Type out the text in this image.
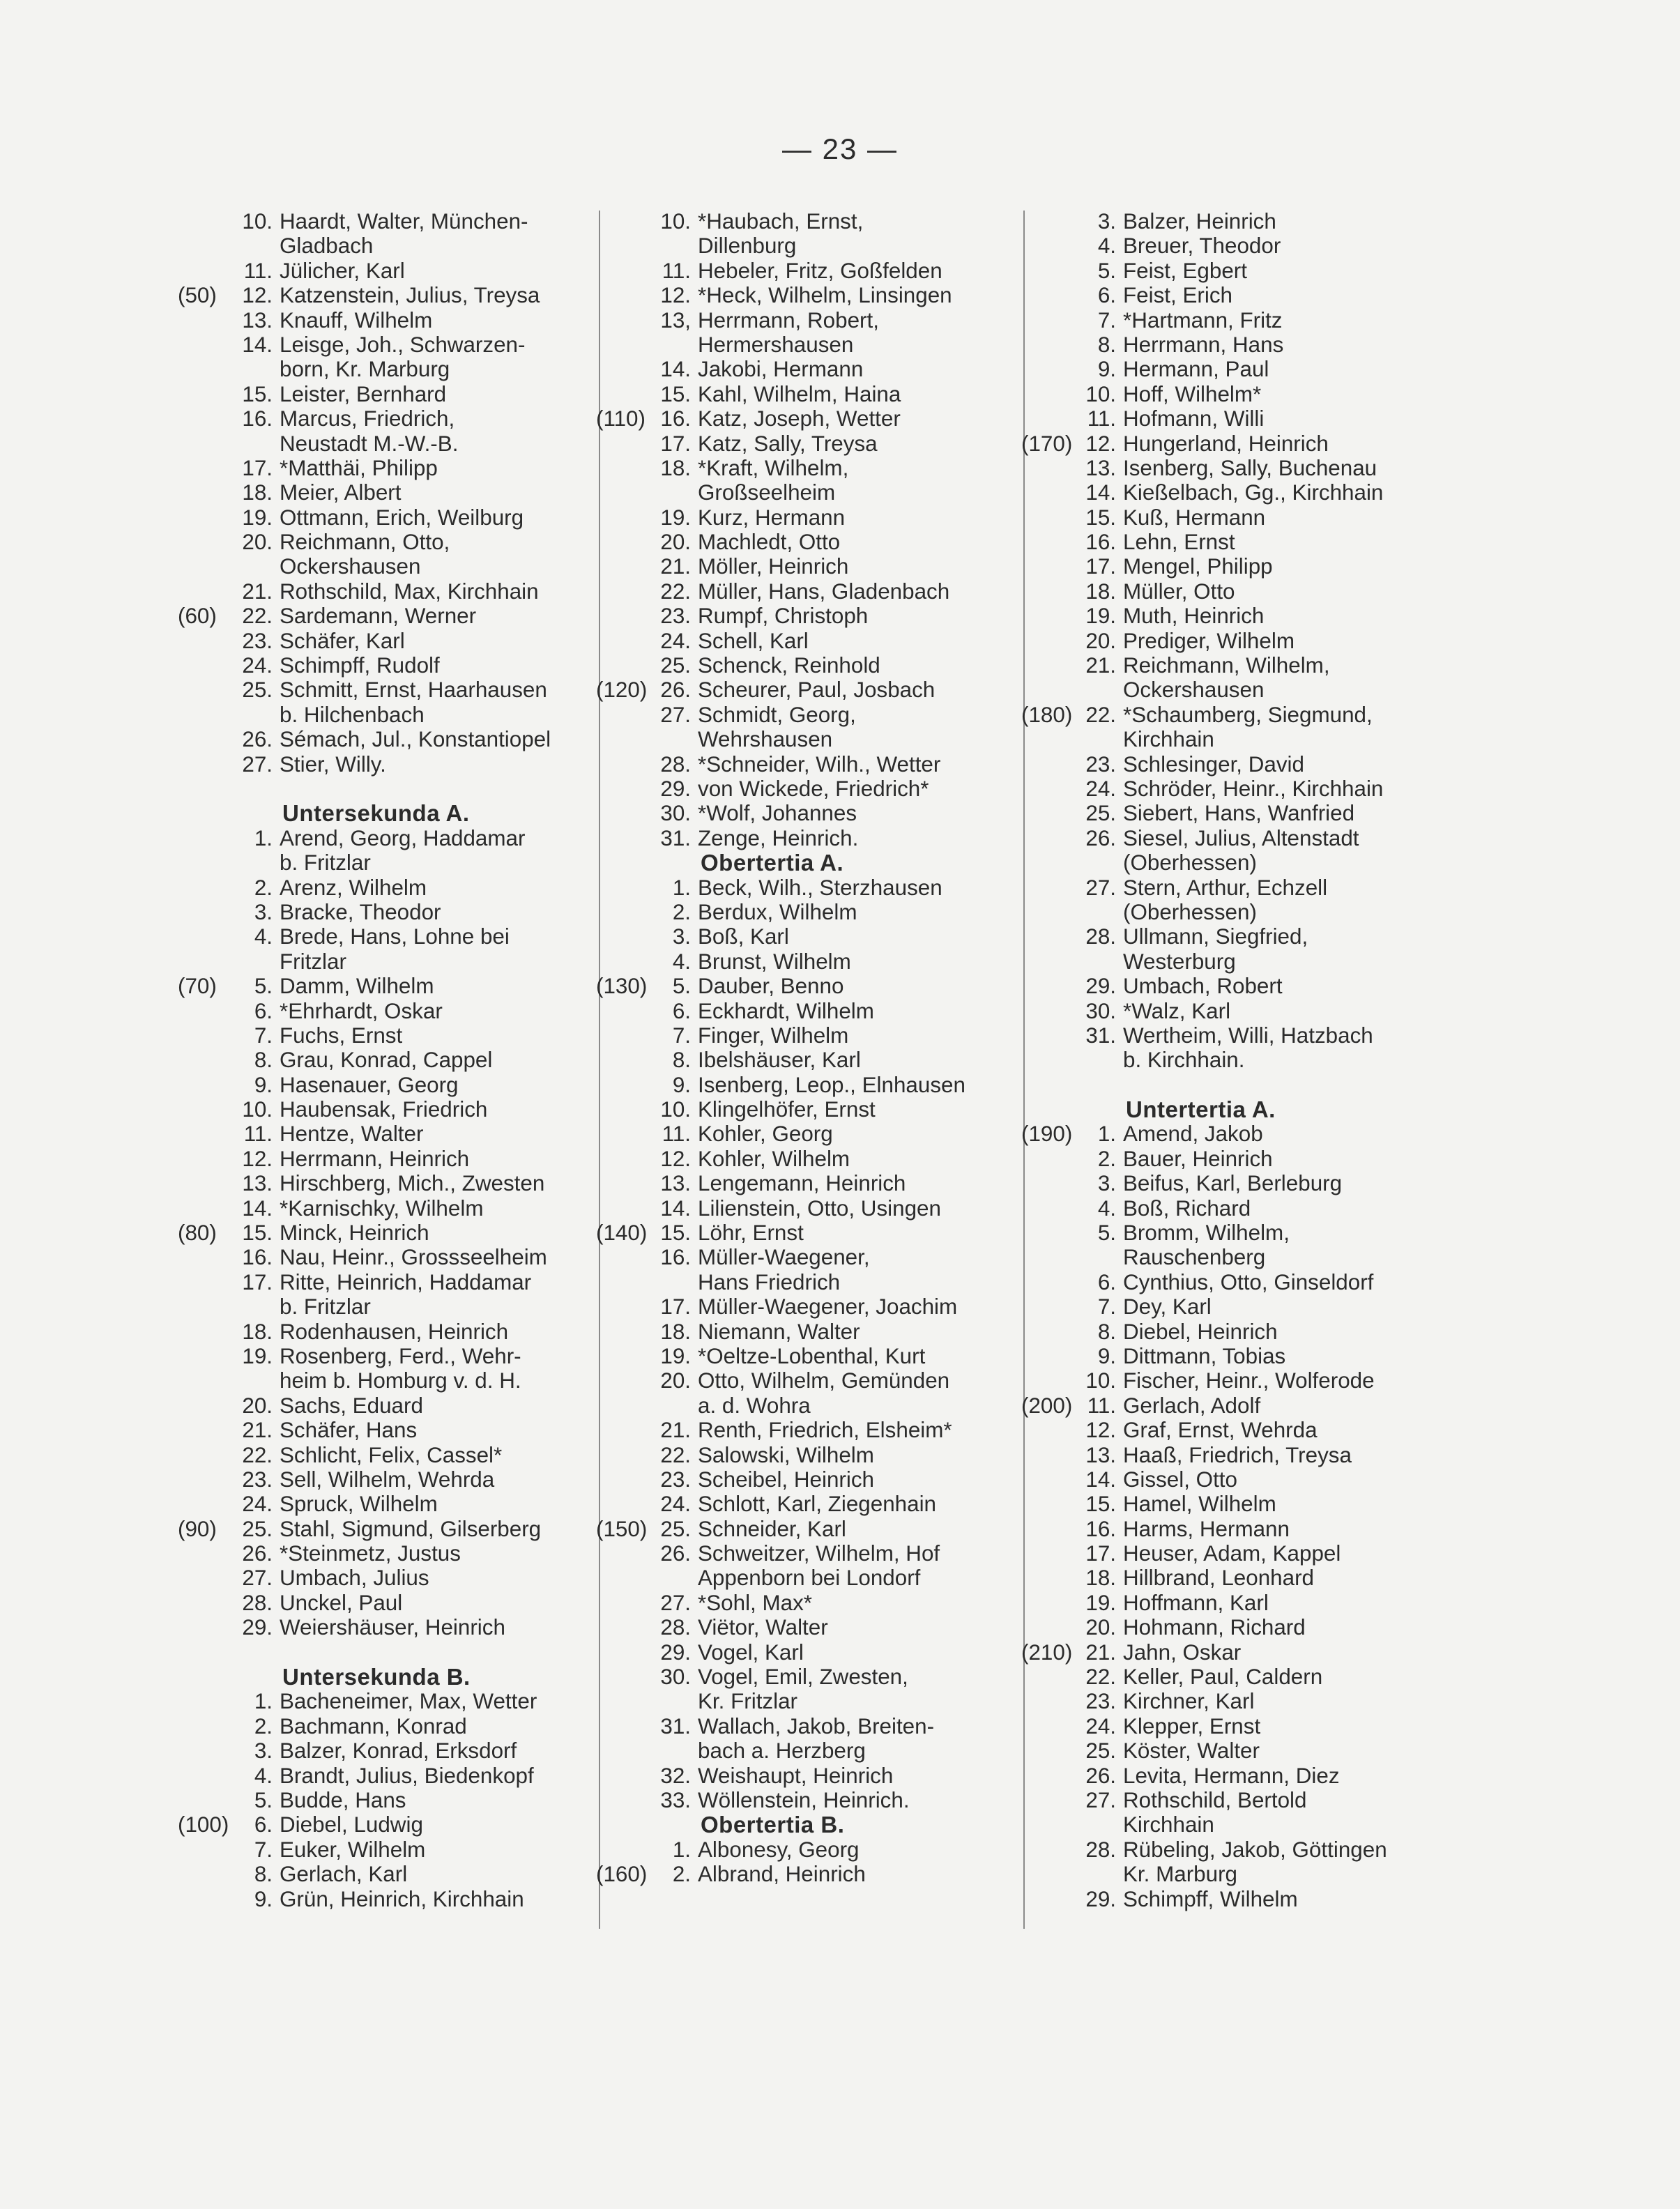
— 23 —
10. Haardt, Walter, München-
Gladbach
11. Jülicher, Karl
(50)	12. Katzenstein, Julius, Treysa
13. Knauff, Wilhelm
14. Leisge, Joh., Schwarzen-
born, Kr. Marburg
15. Leister, Bernhard
16. Marcus, Friedrich,
Neustadt M.-W.-B.
17. *Matthäi, Philipp
18. Meier, Albert
19. Ottmann, Erich, Weilburg
20. Reichmann, Otto,
Ockershausen
21. Rothschild, Max, Kirchhain
(60)	22. Sardemann, Werner
23. Schäfer, Karl
24. Schimpff, Rudolf
25. Schmitt, Ernst, Haarhausen
b. Hilchenbach
26. Sémach, Jul., Konstantiopel
27. Stier, Willy.
Untersekunda A.
1. Arend, Georg, Haddamar
b. Fritzlar
2. Arenz, Wilhelm
3. Bracke, Theodor
4. Brede, Hans, Lohne bei
Fritzlar
(70)	5. Damm, Wilhelm
6. *Ehrhardt, Oskar
7. Fuchs, Ernst
8. Grau, Konrad, Cappel
9. Hasenauer, Georg
10. Haubensak, Friedrich
11. Hentze, Walter
12. Herrmann, Heinrich
13. Hirschberg, Mich., Zwesten
14. *Karnischky, Wilhelm
(80)	15. Minck, Heinrich
16. Nau, Heinr., Grossseelheim
17. Ritte, Heinrich, Haddamar
b. Fritzlar
18. Rodenhausen, Heinrich
19. Rosenberg, Ferd., Wehr-
heim b. Homburg v. d. H.
20. Sachs, Eduard
21. Schäfer, Hans
22. Schlicht, Felix, Cassel*
23. Sell, Wilhelm, Wehrda
24. Spruck, Wilhelm
(90)	25. Stahl, Sigmund, Gilserberg
26. *Steinmetz, Justus
27. Umbach, Julius
28. Unckel, Paul
29. Weiershäuser, Heinrich
Untersekunda B.
1. Bacheneimer, Max, Wetter
2. Bachmann, Konrad
3. Balzer, Konrad, Erksdorf
4. Brandt, Julius, Biedenkopf
5. Budde, Hans
(100)	6. Diebel, Ludwig
7. Euker, Wilhelm
8. Gerlach, Karl
9. Grün, Heinrich, Kirchhain
10. *Haubach, Ernst,
Dillenburg
11. Hebeler, Fritz, Goßfelden
12. *Heck, Wilhelm, Linsingen
13, Herrmann, Robert,
Hermershausen
14. Jakobi, Hermann
15. Kahl, Wilhelm, Haina
(110) 16. Katz, Joseph, Wetter
17. Katz, Sally, Treysa
18. *Kraft, Wilhelm,
Großseelheim
19. Kurz, Hermann
20. Machledt, Otto
21. Möller, Heinrich
22. Müller, Hans, Gladenbach
23. Rumpf, Christoph
24. Schell, Karl
25. Schenck, Reinhold
(120) 26. Scheurer, Paul, Josbach
27. Schmidt, Georg,
Wehrshausen
28. *Schneider, Wilh., Wetter
29. von Wickede, Friedrich*
30. *Wolf, Johannes
31. Zenge, Heinrich.
Obertertia A.
1. Beck, Wilh., Sterzhausen
2. Berdux, Wilhelm
3. Boß, Karl
4. Brunst, Wilhelm
(130)	5. Dauber, Benno
6. Eckhardt, Wilhelm
7. Finger, Wilhelm
8. Ibelshäuser, Karl
9. Isenberg, Leop., Elnhausen
10. Klingelhöfer, Ernst
11. Kohler, Georg
12. Kohler, Wilhelm
13. Lengemann, Heinrich
14. Lilienstein, Otto, Usingen
(140) 15. Löhr, Ernst
16. Müller-Waegener,
Hans Friedrich
17. Müller-Waegener, Joachim
18. Niemann, Walter
19. *Oeltze-Lobenthal, Kurt
20. Otto, Wilhelm, Gemünden
a. d. Wohra
21. Renth, Friedrich, Elsheim*
22. Salowski, Wilhelm
23. Scheibel, Heinrich
24. Schlott, Karl, Ziegenhain
(150) 25. Schneider, Karl
26. Schweitzer, Wilhelm, Hof
Appenborn bei Londorf
27. *Sohl, Max*
28. Viëtor, Walter
29. Vogel, Karl
30. Vogel, Emil, Zwesten,
Kr. Fritzlar
31. Wallach, Jakob, Breiten-
bach a. Herzberg
32. Weishaupt, Heinrich
33. Wöllenstein, Heinrich.
Obertertia B.
1. Albonesy, Georg
(160)	2. Albrand, Heinrich
3. Balzer, Heinrich
4. Breuer, Theodor
5. Feist, Egbert
6. Feist, Erich
7. *Hartmann, Fritz
8. Herrmann, Hans
9. Hermann, Paul
10. Hoff, Wilhelm*
11. Hofmann, Willi
(170) 12. Hungerland, Heinrich
13. Isenberg, Sally, Buchenau
14. Kießelbach, Gg., Kirchhain
15. Kuß, Hermann
16. Lehn, Ernst
17. Mengel, Philipp
18. Müller, Otto
19. Muth, Heinrich
20. Prediger, Wilhelm
21. Reichmann, Wilhelm,
Ockershausen
(180) 22. *Schaumberg, Siegmund,
Kirchhain
23. Schlesinger, David
24. Schröder, Heinr., Kirchhain
25. Siebert, Hans, Wanfried
26. Siesel, Julius, Altenstadt
(Oberhessen)
27. Stern, Arthur, Echzell
(Oberhessen)
28. Ullmann, Siegfried,
Westerburg
29. Umbach, Robert
30. *Walz, Karl
31. Wertheim, Willi, Hatzbach
b. Kirchhain.
Untertertia A.
(190)	1. Amend, Jakob
2. Bauer, Heinrich
3. Beifus, Karl, Berleburg
4. Boß, Richard
5. Bromm, Wilhelm,
Rauschenberg
6. Cynthius, Otto, Ginseldorf
7. Dey, Karl
8. Diebel, Heinrich
9. Dittmann, Tobias
10. Fischer, Heinr., Wolferode
(200) 11. Gerlach, Adolf
12. Graf, Ernst, Wehrda
13. Haaß, Friedrich, Treysa
14. Gissel, Otto
15. Hamel, Wilhelm
16. Harms, Hermann
17. Heuser, Adam, Kappel
18. Hillbrand, Leonhard
19. Hoffmann, Karl
20. Hohmann, Richard
(210) 21. Jahn, Oskar
22. Keller, Paul, Caldern
23. Kirchner, Karl
24. Klepper, Ernst
25. Köster, Walter
26. Levita, Hermann, Diez
27. Rothschild, Bertold
Kirchhain
28. Rübeling, Jakob, Göttingen
Kr. Marburg
29. Schimpff, Wilhelm
